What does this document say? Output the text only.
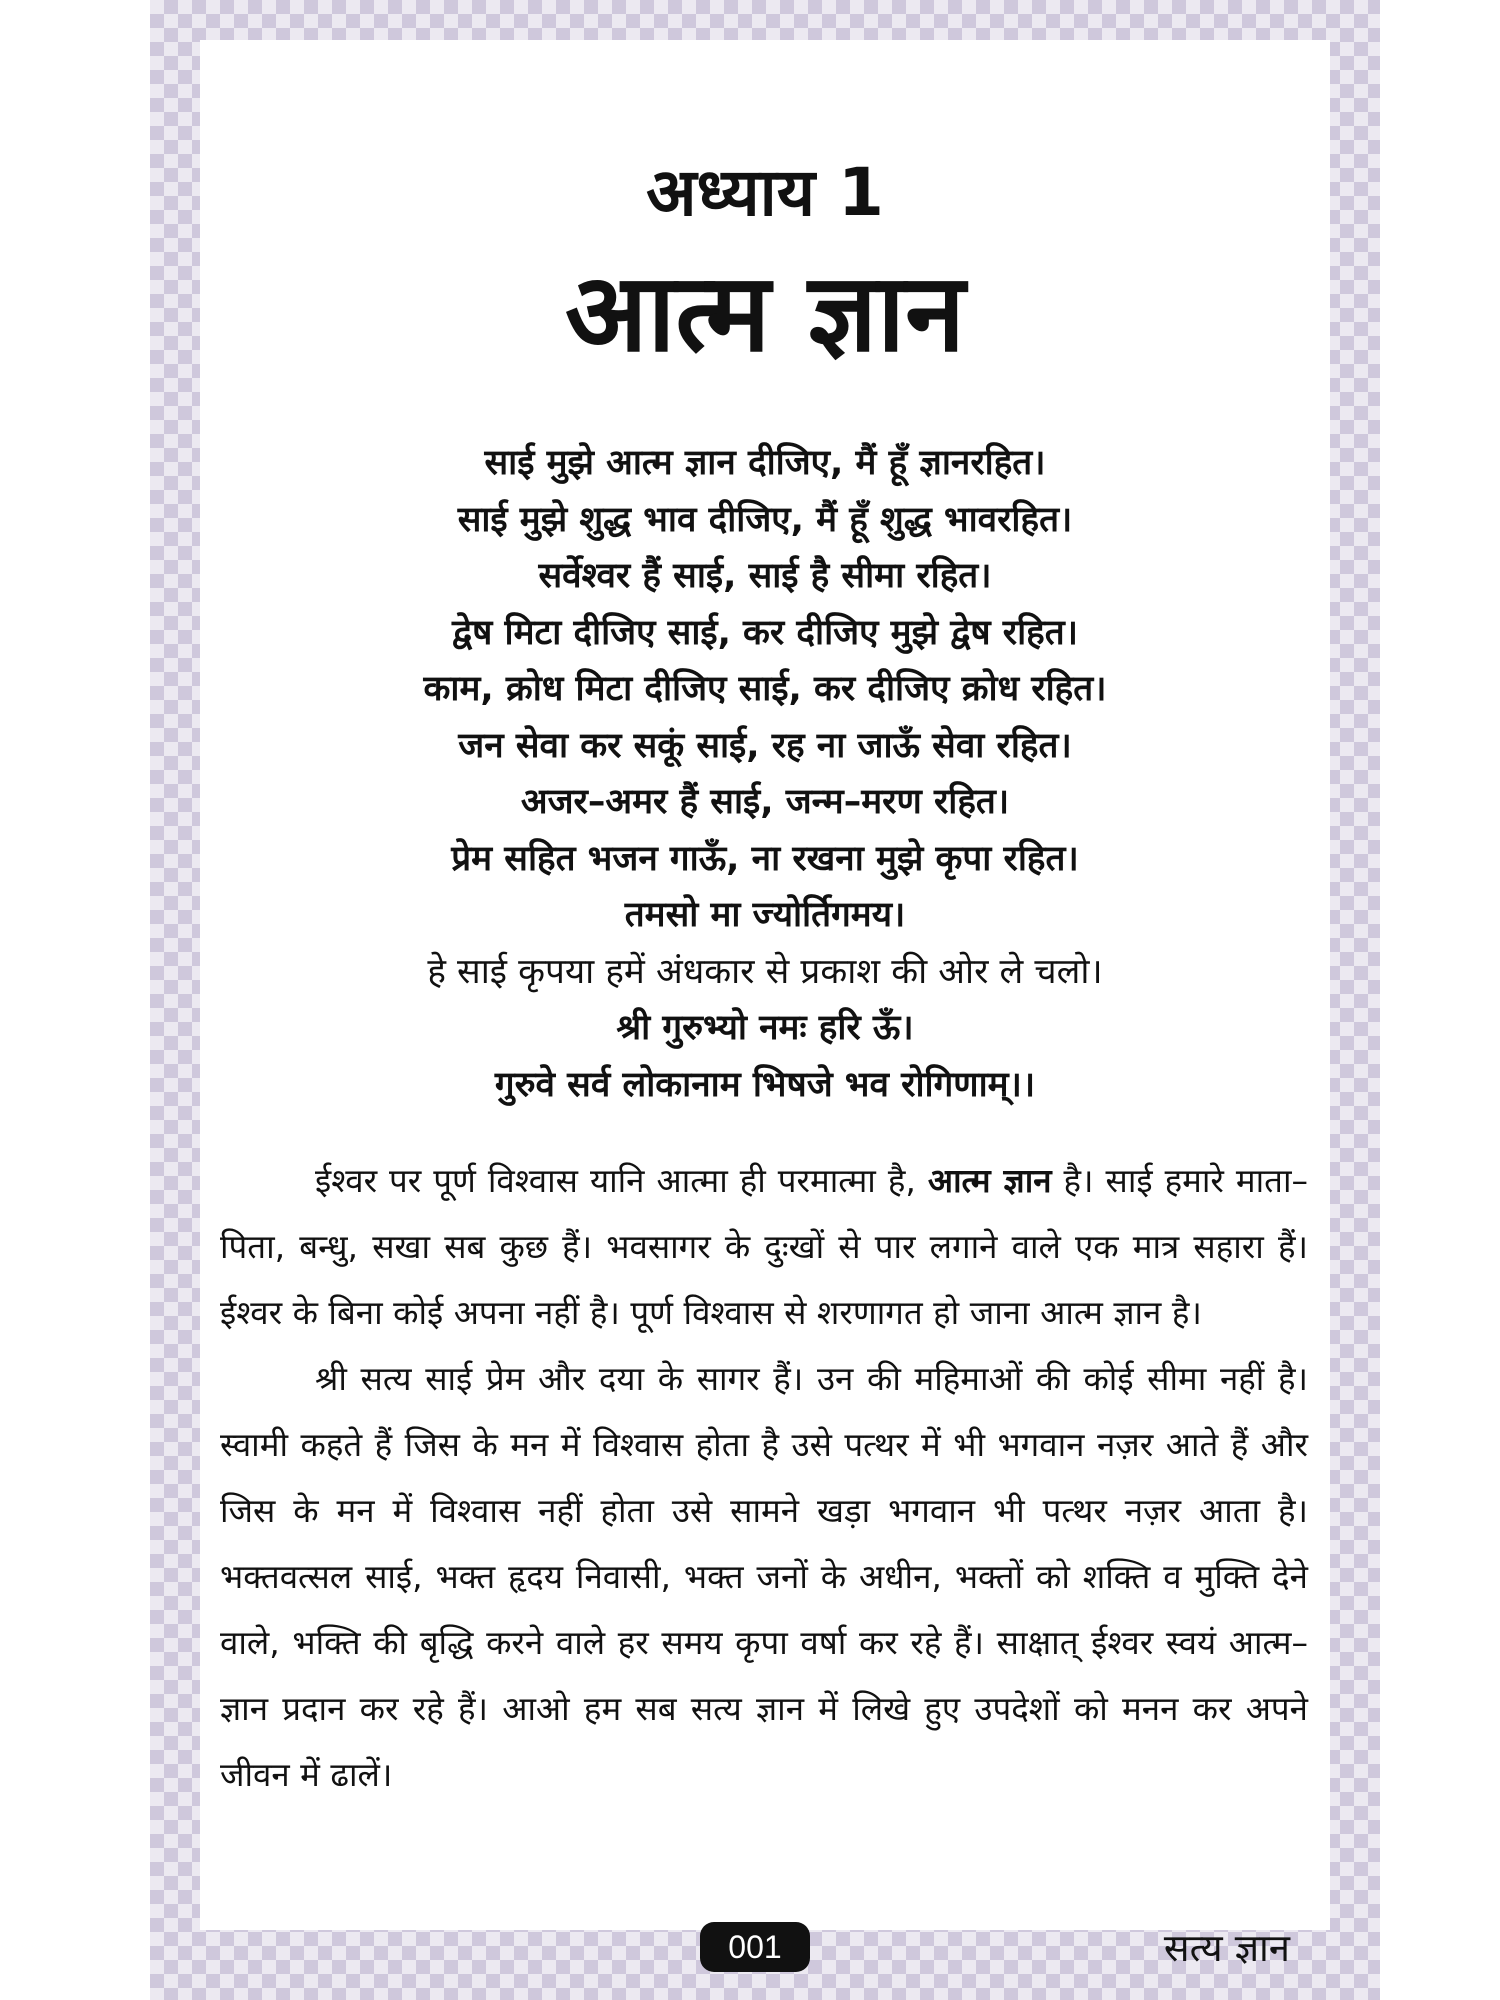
अध्याय 1
आत्म ज्ञान
साई मुझे आत्म ज्ञान दीजिए, मैं हूँ ज्ञानरहित।
साई मुझे शुद्ध भाव दीजिए, मैं हूँ शुद्ध भावरहित।
सर्वेश्वर हैं साई, साई है सीमा रहित।
द्वेष मिटा दीजिए साई, कर दीजिए मुझे द्वेष रहित।
काम, क्रोध मिटा दीजिए साई, कर दीजिए क्रोध रहित।
जन सेवा कर सकूं साई, रह ना जाऊँ सेवा रहित।
अजर–अमर हैं साई, जन्म–मरण रहित।
प्रेम सहित भजन गाऊँ, ना रखना मुझे कृपा रहित।
तमसो मा ज्योर्तिगमय।
हे साई कृपया हमें अंधकार से प्रकाश की ओर ले चलो।
श्री गुरुभ्यो नमः हरि ऊँ।
गुरुवे सर्व लोकानाम भिषजे भव रोगिणाम्।।
ईश्वर पर पूर्ण विश्वास यानि आत्मा ही परमात्मा है, आत्म ज्ञान है। साई हमारे माता–पिता, बन्धु, सखा सब कुछ हैं। भवसागर के दुःखों से पार लगाने वाले एक मात्र सहारा हैं। ईश्वर के बिना कोई अपना नहीं है। पूर्ण विश्वास से शरणागत हो जाना आत्म ज्ञान है।
श्री सत्य साई प्रेम और दया के सागर हैं। उन की महिमाओं की कोई सीमा नहीं है। स्वामी कहते हैं जिस के मन में विश्वास होता है उसे पत्थर में भी भगवान नज़र आते हैं और जिस के मन में विश्वास नहीं होता उसे सामने खड़ा भगवान भी पत्थर नज़र आता है। भक्तवत्सल साई, भक्त हृदय निवासी, भक्त जनों के अधीन, भक्तों को शक्ति व मुक्ति देने वाले, भक्ति की बृद्धि करने वाले हर समय कृपा वर्षा कर रहे हैं। साक्षात् ईश्वर स्वयं आत्म–ज्ञान प्रदान कर रहे हैं। आओ हम सब सत्य ज्ञान में लिखे हुए उपदेशों को मनन कर अपने जीवन में ढालें।
001	सत्य ज्ञान
